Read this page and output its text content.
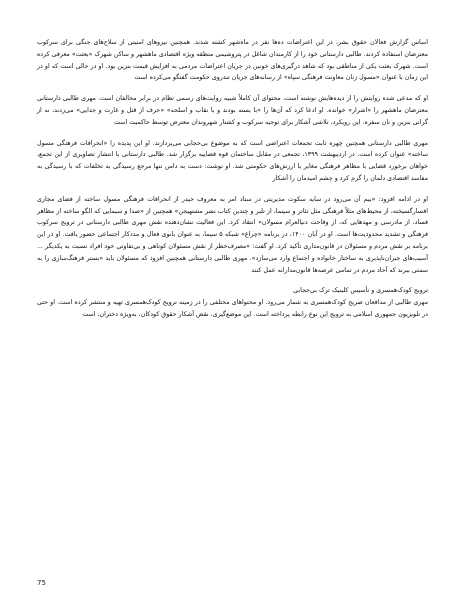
اساس گزارش فعالان حقوق بشر، در این اعتراضات ده‌ها نفر در ماه‌شهر کشته شدند. همچنین نیروهای امنیتی از سلاح‌های جنگی برای سرکوب معترضان استفاده کردند. طالبی دارستانی خود را از کارمندان شاغل در پتروشیمی منطقه ویژه اقتصادی ماهشهر و ساکن شهرک «بعثت» معرفی کرده است. شهرک بعثت یکی از مناطقی بود که شاهد درگیری‌های خونین در جریان اعتراضات مردمی به افزایش قیمت بنزین بود. او در حالی است که او در این زمان با عنوان «مسول زنان معاونت فرهنگی سپاه» از رسانه‌های جریان تندروی حکومت گفتگو می‌کرده است

او که مدعی شده روایتش را از دیده‌هایش نوشته است، محتوای آن کاملاً شبیه روایت‌های رسمی نظام در برابر مخالفان است. مهری طالبی دارستانی معترضان ماهشهر را «اشرار» خوانده. او ادعا کرد که آن‌ها را «با بسته بودند و با نقاب و اسلحه» «حرف از قتل و غارت و جدایی» می‌زدند، نه از گرانی بنزین و نان سفره. این رویکرد، تلاشی آشکار برای توجیه سرکوب و کشتار شهروندان معترض توسط حاکمیت است

مهری طالبی دارستانی همچنین چهره ثابت تجمعات اعتراضی است که به موضوع بی‌حجابی می‌پردازند. او این پدیده را «انحرافات فرهنگی مسول ساخته» عنوان کرده است. در اردیبهشت ۱۳۹۹، تجمعی در مقابل ساختمان قوه قضاییه برگزار شد. طالبی دارستانی با انتشار تصاویری از این تجمع، خواهان برخورد قضایی با مظاهر فرهنگی مغایر با ارزش‌های حکومتی شد. او نوشت: دست به دامن تنها مرجع رسیدگی به تخلفات که با رسیدگی به مفاسد اقتصادی دلمان را گرم کرد و چشم امیدمان را آشکار

او در ادامه افزود: «بیم آن می‌رود در سایه سکوت مدیریتی در ستاد امر به معروف حیدر از انحرافات فرهنگی مسول ساخته از فضای مجازی افسارگسیخته، از محیط‌های مثلاً فرهنگی مثل تئاتر و سینما، از تلبر و چندین کتاب نشر مشتهیجن» همچنین از «صدا و سیمایی که الگو ساخته از مظاهر فساد، از مادرسی و مهدهایی که، از وقاحت دنیالعرام مسولان» انتقاد کرد. این فعالیت نشان‌دهنده نقش مهری طالبی دارستانی در ترویج سرکوب فرهنگی و تشدید محدودیت‌ها است. او در آبان ۱۴۰۰، در برنامه «چراغ» شبکه ۵ سیما، به عنوان بانوی فعال و مددکار اجتماعی حضور یافت. او در این برنامه بر نقش مردم و مسئولان در قانون‌مداری تأکید کرد. او گفت: «مصرف‌خطر از نقش مسئولان کوتاهی و بی‌تفاوتی خود افراد نسبت به یکدیگر ... آسیب‌های جبران‌ناپذیری به ساختار خانواده و اجتماع وارد می‌سازد». مهری طالبی دارستانی همچنین افزود که مسئولان باید «بستر فرهنگ‌سازی را به سمتی ببرند که آحاد مردم در تمامی عرصه‌ها قانون‌مدارانه عمل کنند

ترویج کودک‌همسری و تأسیس کلینیک ترک بی‌حجابی
مهری طالبی از مدافعان صریح کودک‌همسری به شمار می‌رود. او محتواهای مختلفی را در زمینه ترویج کودک‌همسری تهیه و منتشر کرده است. او حتی در تلویزیون جمهوری اسلامی به ترویج این نوع رابطه پرداخته است. این موضع‌گیری، نقض آشکار حقوق کودکان، به‌ویژه دختران، است

75
